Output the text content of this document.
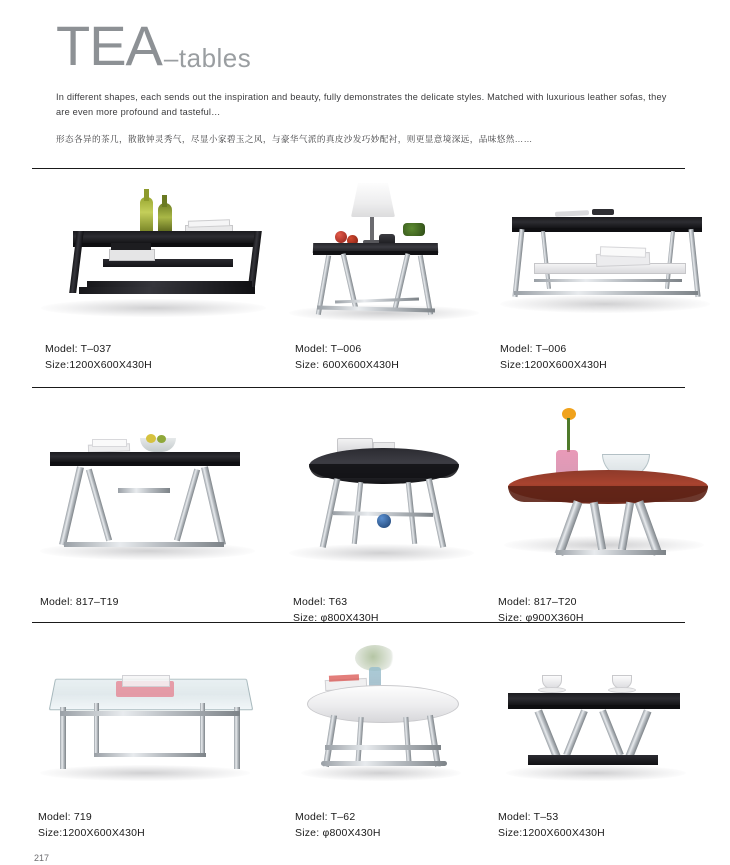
TEA –tables
In different shapes, each sends out the inspiration and beauty, fully demonstrates the delicate styles. Matched with luxurious leather sofas, they are even more profound and tasteful…
形态各异的茶几，散散钟灵秀气，尽显小家碧玉之风，与豪华气派的真皮沙发巧妙配衬，则更显意境深远，品味悠然……
Model: T–037
Size:1200X600X430H
Model: T–006
Size: 600X600X430H
Model: T–006
Size:1200X600X430H
Model: 817–T19	Model: T63
Size: φ800X430H
Model: 817–T20
Size: φ900X360H
Model: 719
Size:1200X600X430H
Model: T–62
Size: φ800X430H
Model: T–53
Size:1200X600X430H
217
